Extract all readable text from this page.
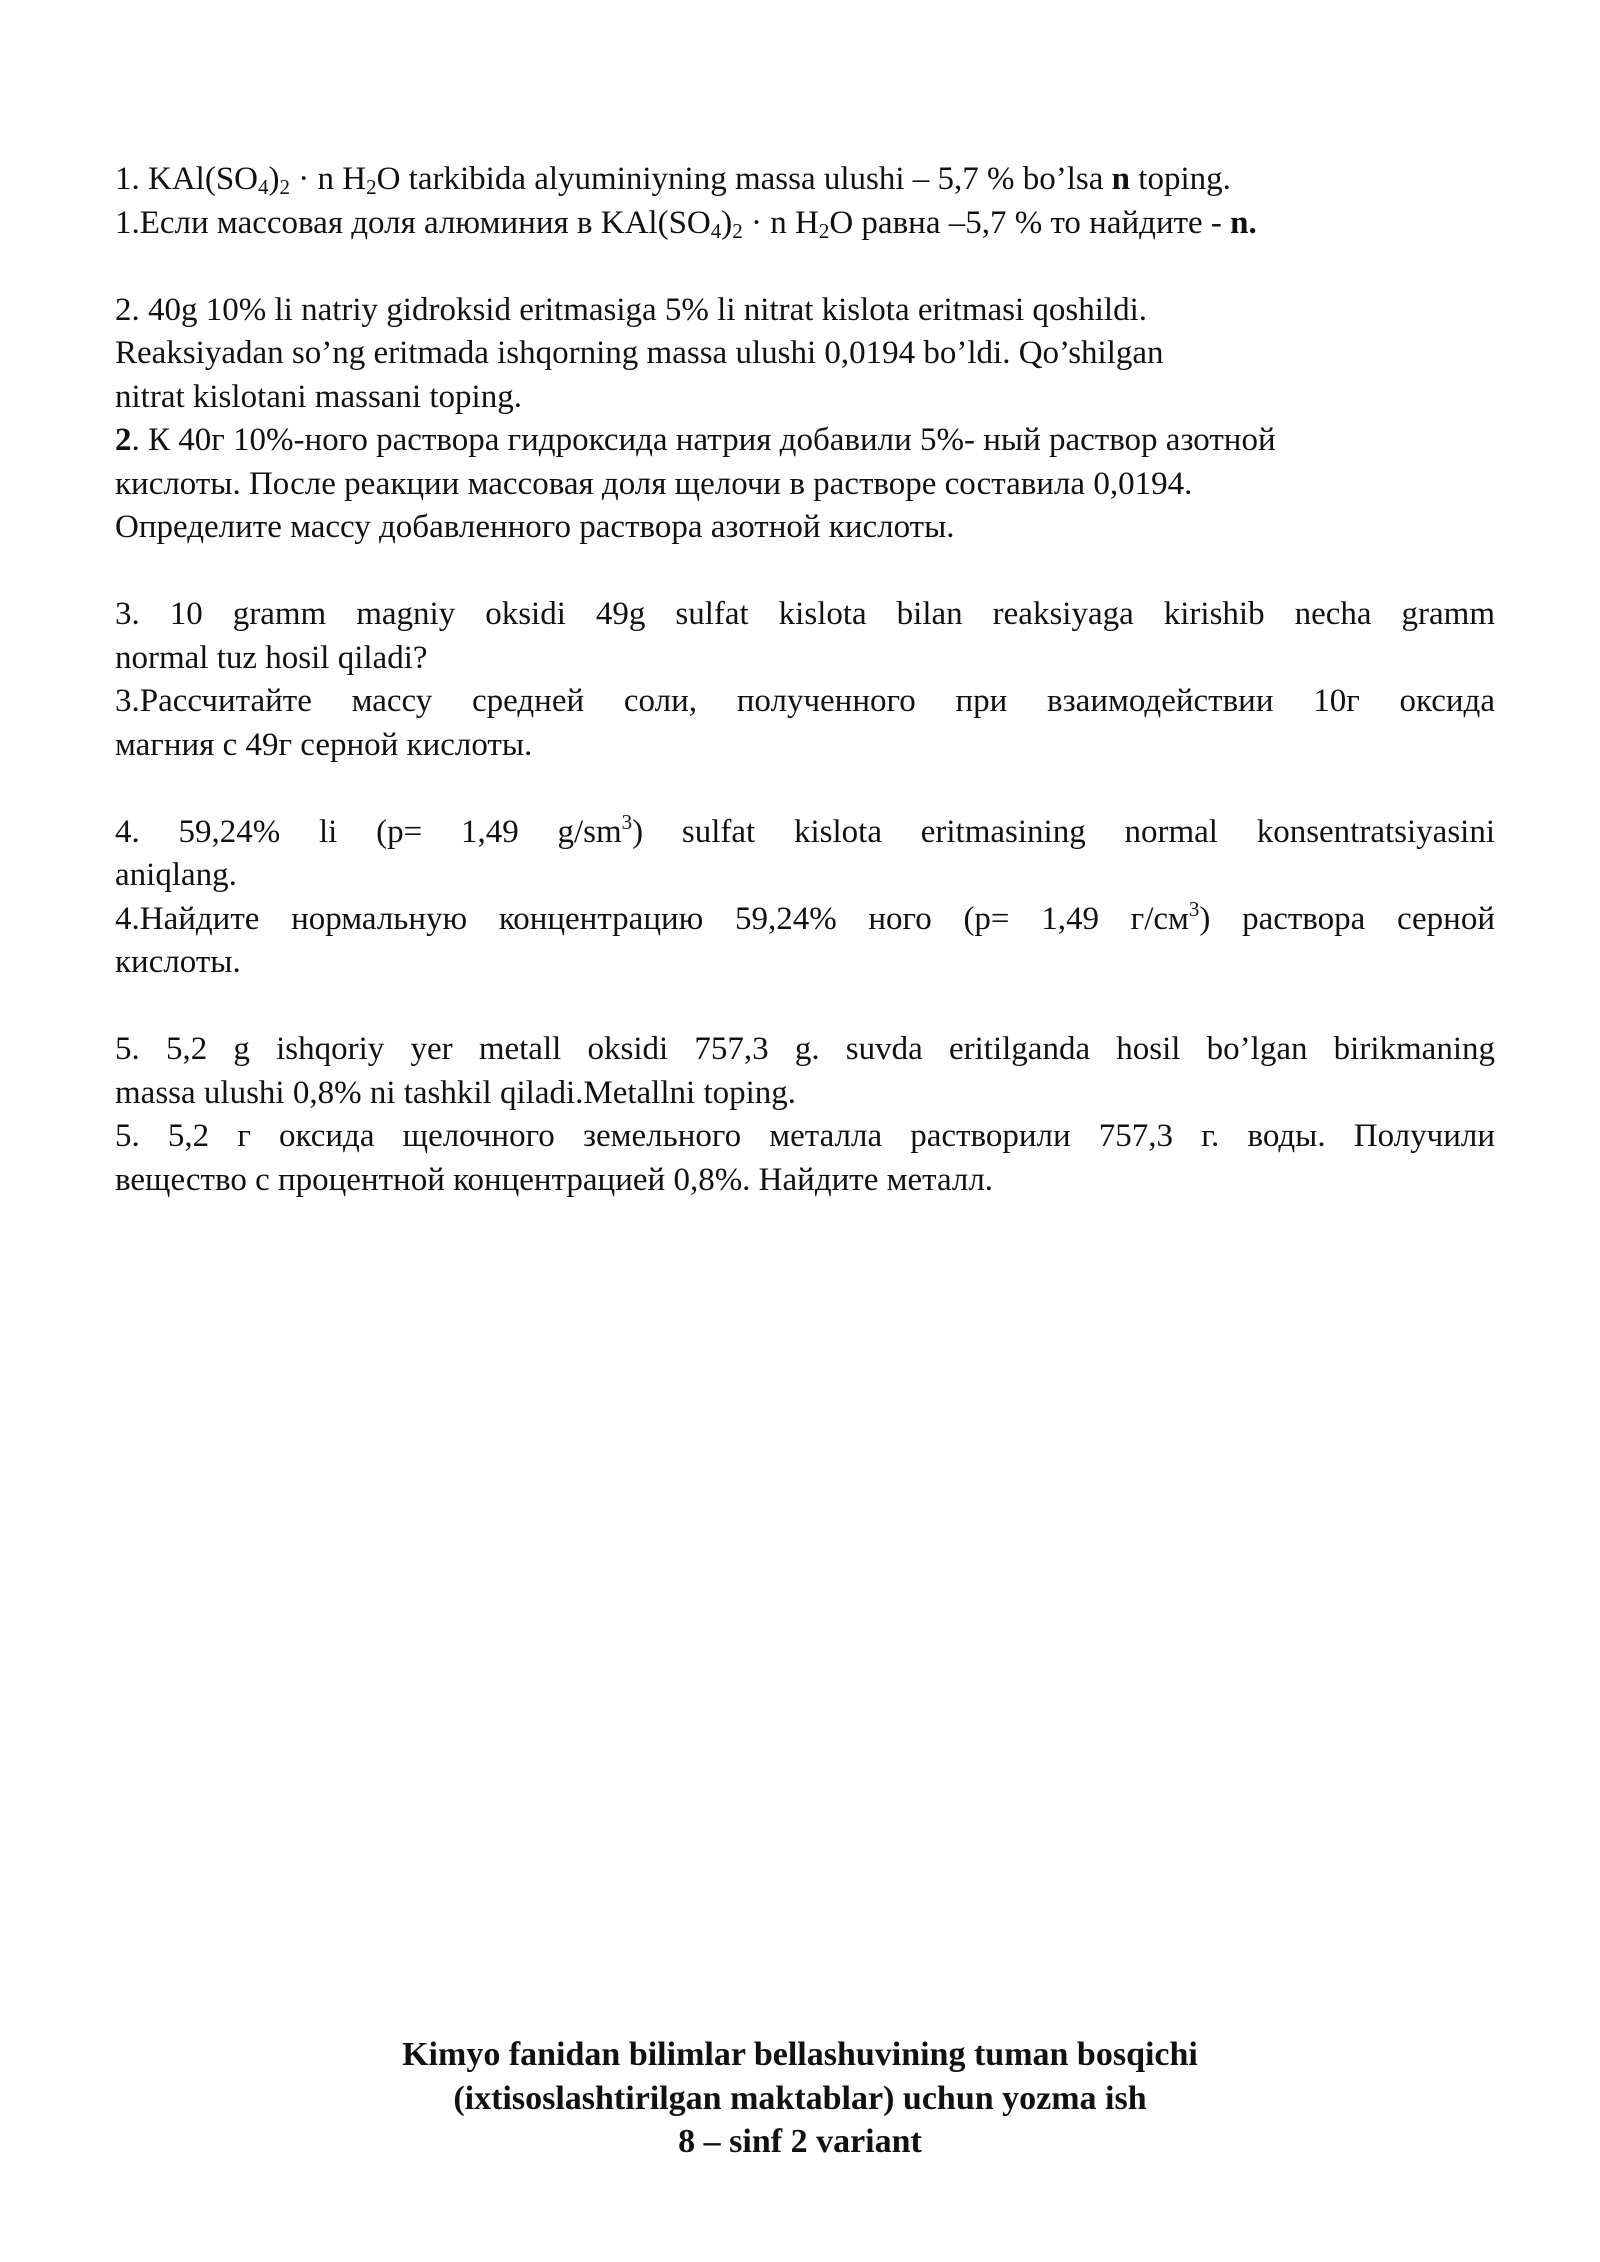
1. $KAl(SO_4)_2 \cdot n$ $H_2O$ tarkibida alyuminiyning massa ulushi – 5,7 % bo’lsa n toping.
1.Если массовая доля алюминия в $KAl(SO_4)_2 \cdot n$ $H_2O$ равна –5,7 % то найдите - n.
2. 40g 10% li natriy gidroksid eritmasiga 5% li nitrat kislota eritmasi qoshildi.
Reaksiyadan so’ng eritmada ishqorning massa ulushi 0,0194 bo’ldi. Qo’shilgan
nitrat kislotani massani toping.
2. К 40г 10%-ного раствора гидроксида натрия добавили 5%- ный раствор азотной
кислоты. После реакции массовая доля щелочи в растворе составила 0,0194.
Определите массу добавленного раствора азотной кислоты.
3. 10 gramm magniy oksidi 49g sulfat kislota bilan reaksiyaga kirishib necha gramm
normal tuz hosil qiladi?
3.Рассчитайте массу средней соли, полученного при взаимодействии 10г оксида
магния с 49г серной кислоты.
4. 59,24% li (p= 1,49 $g/sm^3$) sulfat kislota eritmasining normal konsentratsiyasini
aniqlang.
4.Найдите нормальную концентрацию 59,24% ного (p= 1,49 $г/см^3$) раствора серной
кислоты.
5. 5,2 g ishqoriy yer metall oksidi 757,3 g. suvda eritilganda hosil bo’lgan birikmaning
massa ulushi 0,8% ni tashkil qiladi.Metallni toping.
5. 5,2 г оксида щелочного земельного металла растворили 757,3 г. воды. Получили
вещество с процентной концентрацией 0,8%. Найдите металл.
Kimyo fanidan bilimlar bellashuvining tuman bosqichi
(ixtisoslashtirilgan maktablar) uchun yozma ish
8 – sinf 2 variant
